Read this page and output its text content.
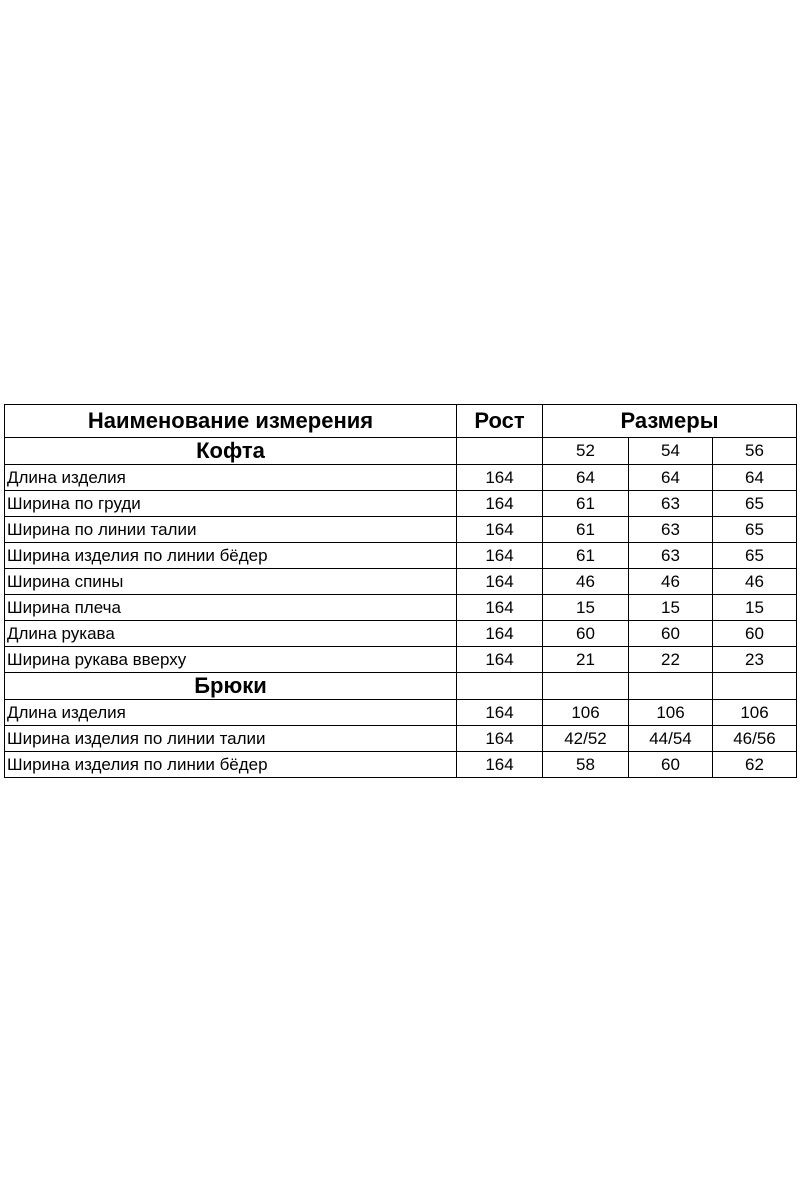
Наименование измерения	Рост	Размеры		
Кофта		52	54	56
Длина изделия	164	64	64	64
Ширина по груди	164	61	63	65
Ширина по линии талии	164	61	63	65
Ширина изделия по линии бёдер	164	61	63	65
Ширина спины	164	46	46	46
Ширина плеча	164	15	15	15
Длина рукава	164	60	60	60
Ширина рукава вверху	164	21	22	23
Брюки				
Длина изделия	164	106	106	106
Ширина изделия по линии талии	164	42/52	44/54	46/56
Ширина изделия по линии бёдер	164	58	60	62
